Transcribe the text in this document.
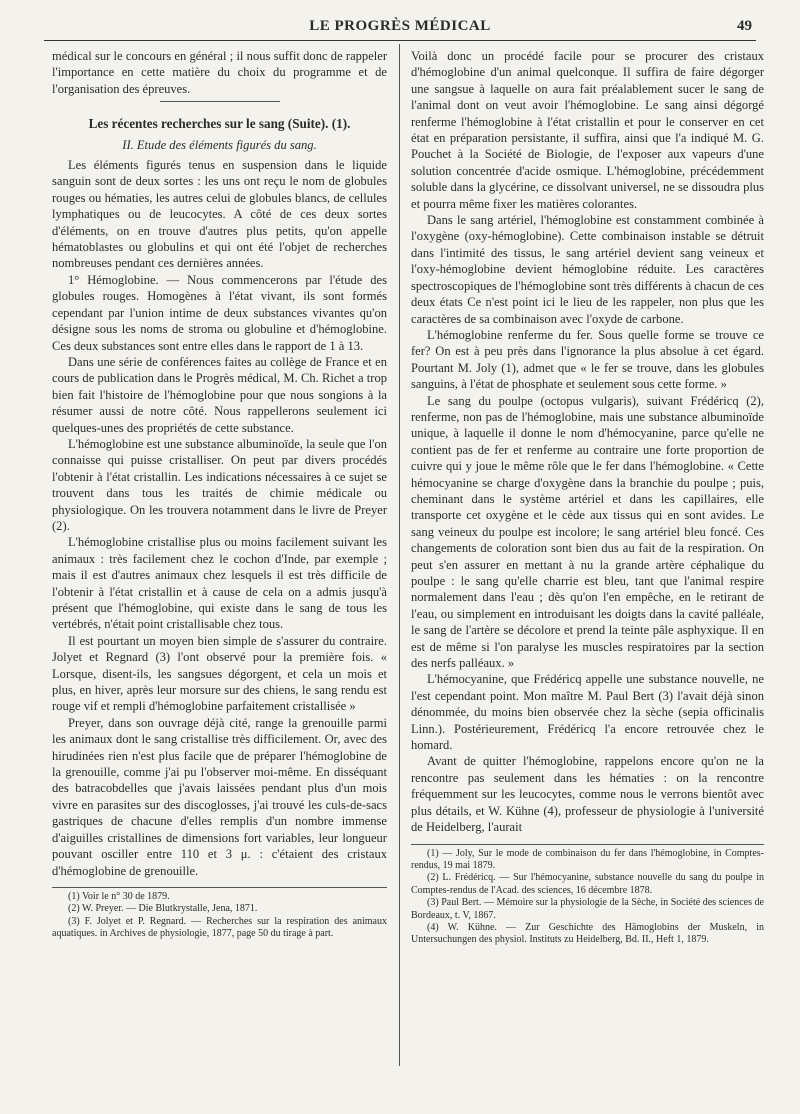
LE PROGRÈS MÉDICAL	49

médical sur le concours en général ; il nous suffit donc de rappeler l'importance en cette matière du choix du programme et de l'organisation des épreuves.

Les récentes recherches sur le sang (Suite). (1).
II. Etude des éléments figurés du sang.

Les éléments figurés tenus en suspension dans le liquide sanguin sont de deux sortes : les uns ont reçu le nom de globules rouges ou hématies, les autres celui de globules blancs, de cellules lymphatiques ou de leucocytes. A côté de ces deux sortes d'éléments, on en trouve d'autres plus petits, qu'on appelle hématoblastes ou globulins et qui ont été l'objet de recherches nombreuses pendant ces dernières années.

1° Hémoglobine. — Nous commencerons par l'étude des globules rouges. Homogènes à l'état vivant, ils sont formés cependant par l'union intime de deux substances vivantes qu'on désigne sous les noms de stroma ou globuline et d'hémoglobine. Ces deux substances sont entre elles dans le rapport de 1 à 13.

Dans une série de conférences faites au collège de France et en cours de publication dans le Progrès médical, M. Ch. Richet a trop bien fait l'histoire de l'hémoglobine pour que nous songions à la résumer aussi de notre côté. Nous rappellerons seulement ici quelques-unes des propriétés de cette substance.

L'hémoglobine est une substance albuminoïde, la seule que l'on connaisse qui puisse cristalliser. On peut par divers procédés l'obtenir à l'état cristallin. Les indications nécessaires à ce sujet se trouvent dans tous les traités de chimie médicale ou physiologique. On les trouvera notamment dans le livre de Preyer (2).

L'hémoglobine cristallise plus ou moins facilement suivant les animaux : très facilement chez le cochon d'Inde, par exemple ; mais il est d'autres animaux chez lesquels il est très difficile de l'obtenir à l'état cristallin et à cause de cela on a admis jusqu'à présent que l'hémoglobine, qui existe dans le sang de tous les vertébrés, n'était point cristallisable chez tous.

Il est pourtant un moyen bien simple de s'assurer du contraire. Jolyet et Regnard (3) l'ont observé pour la première fois. « Lorsque, disent-ils, les sangsues dégorgent, et cela un mois et plus, en hiver, après leur morsure sur des chiens, le sang rendu est rouge vif et rempli d'hémoglobine parfaitement cristallisée »

Preyer, dans son ouvrage déjà cité, range la grenouille parmi les animaux dont le sang cristallise très difficilement. Or, avec des hirudinées rien n'est plus facile que de préparer l'hémoglobine de la grenouille, comme j'ai pu l'observer moi-même. En disséquant des batracobdelles que j'avais laissées pendant plus d'un mois vivre en parasites sur des discoglosses, j'ai trouvé les culs-de-sacs gastriques de chacune d'elles remplis d'un nombre immense d'aiguilles cristallines de dimensions fort variables, leur longueur pouvant osciller entre 110 et 3 μ. : c'étaient des cristaux d'hémoglobine de grenouille.

(1) Voir le n° 30 de 1879.

(2) W. Preyer. — Die Blutkrystalle, Jena, 1871.

(3) F. Jolyet et P. Regnard. — Recherches sur la respiration des animaux aquatiques. in Archives de physiologie, 1877, page 50 du tirage à part.

Voilà donc un procédé facile pour se procurer des cristaux d'hémoglobine d'un animal quelconque. Il suffira de faire dégorger une sangsue à laquelle on aura fait préalablement sucer le sang de l'animal dont on veut avoir l'hémoglobine. Le sang ainsi dégorgé renferme l'hémoglobine à l'état cristallin et pour le conserver en cet état en préparation persistante, il suffira, ainsi que l'a indiqué M. G. Pouchet à la Société de Biologie, de l'exposer aux vapeurs d'une solution concentrée d'acide osmique. L'hémoglobine, précédemment soluble dans la glycérine, ce dissolvant universel, ne se dissoudra plus et pourra même fixer les matières colorantes.

Dans le sang artériel, l'hémoglobine est constamment combinée à l'oxygène (oxy-hémoglobine). Cette combinaison instable se détruit dans l'intimité des tissus, le sang artériel devient sang veineux et l'oxy-hémoglobine devient hémoglobine réduite. Les caractères spectroscopiques de l'hémoglobine sont très différents à chacun de ces deux états Ce n'est point ici le lieu de les rappeler, non plus que les caractères de sa combinaison avec l'oxyde de carbone.

L'hémoglobine renferme du fer. Sous quelle forme se trouve ce fer? On est à peu près dans l'ignorance la plus absolue à cet égard. Pourtant M. Joly (1), admet que « le fer se trouve, dans les globules sanguins, à l'état de phosphate et seulement sous cette forme. »

Le sang du poulpe (octopus vulgaris), suivant Frédéricq (2), renferme, non pas de l'hémoglobine, mais une substance albuminoïde unique, à laquelle il donne le nom d'hémocyanine, parce qu'elle ne contient pas de fer et renferme au contraire une forte proportion de cuivre qui y joue le même rôle que le fer dans l'hémoglobine. « Cette hémocyanine se charge d'oxygène dans la branchie du poulpe ; puis, cheminant dans le système artériel et dans les capillaires, elle transporte cet oxygène et le cède aux tissus qui en sont avides. Le sang veineux du poulpe est incolore; le sang artériel bleu foncé. Ces changements de coloration sont bien dus au fait de la respiration. On peut s'en assurer en mettant à nu la grande artère céphalique du poulpe : le sang qu'elle charrie est bleu, tant que l'animal respire normalement dans l'eau ; dès qu'on l'en empêche, en le retirant de l'eau, ou simplement en introduisant les doigts dans la cavité palléale, le sang de l'artère se décolore et prend la teinte pâle asphyxique. Il en est de même si l'on paralyse les muscles respiratoires par la section des nerfs palléaux. »

L'hémocyanine, que Frédéricq appelle une substance nouvelle, ne l'est cependant point. Mon maître M. Paul Bert (3) l'avait déjà sinon dénommée, du moins bien observée chez la sèche (sepia officinalis Linn.). Postérieurement, Frédéricq l'a encore retrouvée chez le homard.

Avant de quitter l'hémoglobine, rappelons encore qu'on ne la rencontre pas seulement dans les hématies : on la rencontre fréquemment sur les leucocytes, comme nous le verrons bientôt avec plus détails, et W. Kühne (4), professeur de physiologie à l'université de Heidelberg, l'aurait

(1) — Joly, Sur le mode de combinaison du fer dans l'hémoglobine, in Comptes-rendus, 19 mai 1879.

(2) L. Frédéricq. — Sur l'hémocyanine, substance nouvelle du sang du poulpe in Comptes-rendus de l'Acad. des sciences, 16 décembre 1878.

(3) Paul Bert. — Mémoire sur la physiologie de la Sèche, in Société des sciences de Bordeaux, t. V, 1867.

(4) W. Kühne. — Zur Geschichte des Hämoglobins der Muskeln, in Untersuchungen des physiol. Instituts zu Heidelberg, Bd. II., Heft 1, 1879.
